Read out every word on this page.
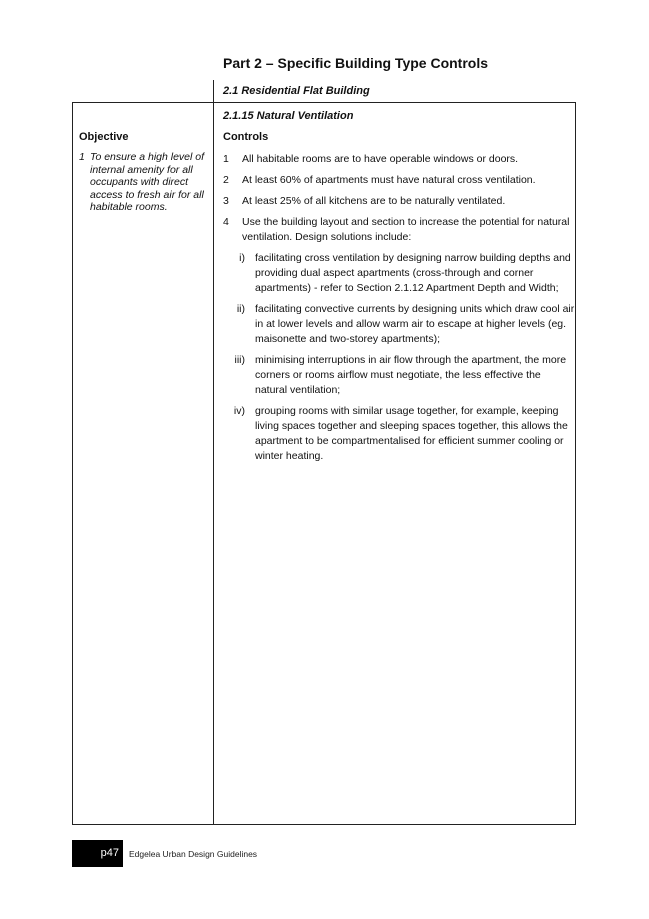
Part 2 – Specific Building Type Controls
2.1 Residential Flat Building
2.1.15 Natural Ventilation
Objective	Controls
1 To ensure a high level of internal amenity for all occupants with direct access to fresh air for all habitable rooms.
1 All habitable rooms are to have operable windows or doors.
2 At least 60% of apartments must have natural cross ventilation.
3 At least 25% of all kitchens are to be naturally ventilated.
4 Use the building layout and section to increase the potential for natural ventilation. Design solutions include:
i) facilitating cross ventilation by designing narrow building depths and providing dual aspect apartments (cross-through and corner apartments) - refer to Section 2.1.12 Apartment Depth and Width;
ii) facilitating convective currents by designing units which draw cool air in at lower levels and allow warm air to escape at higher levels (eg. maisonette and two-storey apartments);
iii) minimising interruptions in air flow through the apartment, the more corners or rooms airflow must negotiate, the less effective the natural ventilation;
iv) grouping rooms with similar usage together, for example, keeping living spaces together and sleeping spaces together, this allows the apartment to be compartmentalised for efficient summer cooling or winter heating.
p47	Edgelea Urban Design Guidelines
